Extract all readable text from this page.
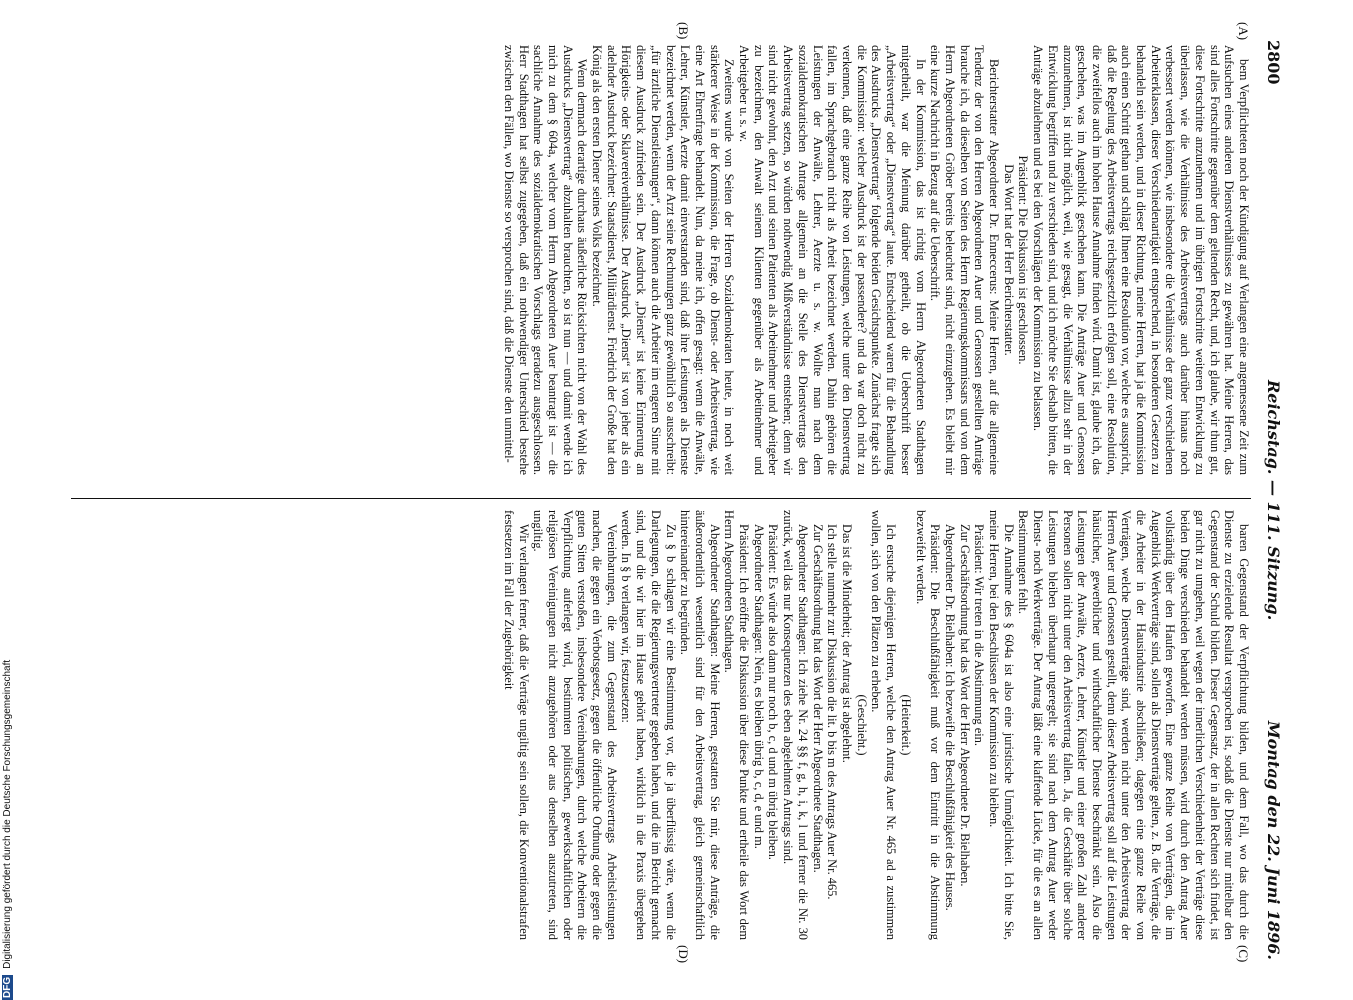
2800
Reichstag. — 111. Sitzung.
Montag den 22. Juni 1896.
(A)
(B)
(C)
(D)

bem Verpflichteten noch der Kündigung auf Verlangen eine angemessene Zeit zum Aufsuchen eines anderen Dienstverhältnisses zu gewähren hat. Meine Herren, das sind alles Fortschritte gegenüber dem geltenden Recht, und, ich glaube, wir thun gut, diese Fortschritte anzunehmen und im übrigen Fortschritte weiteren Entwicklung zu überlassen, wie die Verhältnisse des Arbeitsvertrags auch darüber hinaus noch verbessert werden können, wie insbesondere die Verhältnisse der ganz verschiedenen Arbeiterklassen, dieser Verschiedenartigkeit entsprechend, in besonderen Gesetzen zu behandeln sein werden, und in dieser Richtung, meine Herren, hat ja die Kommission auch einen Schritt gethan und schlägt Ihnen eine Resolution vor, welche es ausspricht, daß die Regelung des Arbeitsvertrags reichsgesetzlich erfolgen soll, eine Resolution, die zweifellos auch im hohen Hause Annahme finden wird. Damit ist, glaube ich, das geschehen, was im Augenblick geschehen kann. Die Anträge Auer und Genossen anzunehmen, ist nicht möglich, weil, wie gesagt, die Verhältnisse allzu sehr in der Entwicklung begriffen und zu verschieden sind, und ich möchte Sie deshalb bitten, die Anträge abzulehnen und es bei den Vorschlägen der Kommission zu belassen.

Präsident: Die Diskussion ist geschlossen.

Das Wort hat der Herr Berichterstatter.

Berichterstatter Abgeordneter Dr. Enneccerus: Meine Herren, auf die allgemeine Tendenz der von den Herren Abgeordneten Auer und Genossen gestellten Anträge brauche ich, da dieselben von Seiten des Herrn Regierungskommissars und von dem Herrn Abgeordneten Gröber bereits beleuchtet sind, nicht einzugehen. Es bleibt mir eine kurze Nachricht in Bezug auf die Ueberschrift.

In der Kommission, das ist richtig vom Herrn Abgeordneten Stadthagen mitgetheilt, war die Meinung darüber getheilt, ob die Ueberschrift besser „Arbeitsvertrag“ oder „Dienstvertrag“ laute. Entscheidend waren für die Behandlung des Ausdrucks „Dienstvertrag“ folgende beiden Gesichtspunkte. Zunächst fragte sich die Kommission: welcher Ausdruck ist der passendere? und da war doch nicht zu verkennen, daß eine ganze Reihe von Leistungen, welche unter den Dienstvertrag fallen, im Sprachgebrauch nicht als Arbeit bezeichnet werden. Dahin gehören die Leistungen der Anwälte, Lehrer, Aerzte u. s. w. Wollte man nach dem sozialdemokratischen Antrage allgemein an die Stelle des Dienstvertrags den Arbeitsvertrag setzen, so würden nothwendig Mißverständnisse entstehen; denn wir sind nicht gewohnt, den Arzt und seinen Patienten als Arbeitnehmer und Arbeitgeber zu bezeichnen, den Anwalt seinem Klienten gegenüber als Arbeitnehmer und Arbeitgeber u. s. w.

Zweitens wurde von Seiten der Herren Sozialdemokraten heute, in noch weit stärkerer Weise in der Kommission, die Frage, ob Dienst- oder Arbeitsvertrag, wie eine Art Ehrenfrage behandelt. Nun, da meine ich, offen gesagt: wenn die Anwälte, Lehrer, Künstler, Aerzte damit einverstanden sind, daß ihre Leistungen als Dienste bezeichnet werden, wenn der Arzt seine Rechnungen ganz gewöhnlich so ausschreibt: „für ärztliche Dienstleistungen“, dann können auch die Arbeiter im engeren Sinne mit diesem Ausdruck zufrieden sein. Der Ausdruck „Dienst“ ist keine Erinnerung an Hörigkeits- oder Sklavereiverhältnisse. Der Ausdruck „Dienst“ ist von jeher als ein adelnder Ausdruck bezeichnet: Staatsdienst, Militärdienst. Friedrich der Große hat den König als den ersten Diener seines Volks bezeichnet.

Wenn demnach derartige durchaus äußerliche Rücksichten nicht von der Wahl des Ausdrucks „Dienstvertrag“ abzuhalten brauchten, so ist nun — und damit wende ich mich zu dem § 604a, welcher vom Herrn Abgeordneten Auer beantragt ist — die sachliche Annahme des sozialdemokratischen Vorschlags geradezu ausgeschlossen. Herr Stadthagen hat selbst zugegeben, daß ein nothwendiger Unterschied bestehe zwischen den Fällen, wo Dienste so versprochen sind, daß die Dienste den unmittel-

baren Gegenstand der Verpflichtung bilden, und dem Fall, wo das durch die Dienste zu erzielende Resultat versprochen ist, sodaß die Dienste nur mittelbar den Gegenstand der Schuld bilden. Dieser Gegensatz, der in allen Rechten sich findet, ist gar nicht zu umgehen, weil wegen der innerlichen Verschiedenheit der Verträge diese beiden Dinge verschieden behandelt werden müssen, wird durch den Antrag Auer vollständig über den Haufen geworfen. Eine ganze Reihe von Verträgen, die im Augenblick Werkverträge sind, sollen als Dienstverträge gelten, z. B. die Verträge, die die Arbeiter in der Hausindustrie abschließen; dagegen eine ganze Reihe von Verträgen, welche Dienstverträge sind, werden nicht unter den Arbeitsvertrag der Herren Auer und Genossen gestellt, denn dieser Arbeitsvertrag soll auf die Leistungen häuslicher, gewerblicher und wirthschaftlicher Dienste beschränkt sein. Also die Leistungen der Anwälte, Aerzte, Lehrer, Künstler und einer großen Zahl anderer Personen sollen nicht unter den Arbeitsvertrag fallen. Ja, die Geschäfte über solche Leistungen bleiben überhaupt ungeregelt; sie sind nach dem Antrag Auer weder Dienst- noch Werkverträge. Der Antrag läßt eine klaffende Lücke, für die es an allen Bestimmungen fehlt.

Die Annahme des § 604a ist also eine juristische Unmöglichkeit. Ich bitte Sie, meine Herren, bei den Beschlüssen der Kommission zu bleiben.

Präsident: Wir treten in die Abstimmung ein.

Zur Geschäftsordnung hat das Wort der Herr Abgeordnete Dr. Bielhaben.

Abgeordneter Dr. Bielhaben: Ich bezweifle die Beschlußfähigkeit des Hauses.

Präsident: Die Beschlußfähigkeit muß vor dem Eintritt in die Abstimmung bezweifelt werden.

(Heiterkeit.)

Ich ersuche diejenigen Herren, welche den Antrag Auer Nr. 465 ad a zustimmen wollen, sich von den Plätzen zu erheben.

(Geschieht.)

Das ist die Minderheit; der Antrag ist abgelehnt.

Ich stelle nunmehr zur Diskussion die lit. b bis m des Antrags Auer Nr. 465.

Zur Geschäftsordnung hat das Wort der Herr Abgeordnete Stadthagen.

Abgeordneter Stadthagen: Ich ziehe Nr. 24 §§ f, g, h, i, k, l und ferner die Nr. 30 zurück, weil das nur Konsequenzen des eben abgelehnten Antrags sind.

Präsident: Es würde also dann nur noch b, c, d und m übrig bleiben.

Abgeordneter Stadthagen: Nein, es bleiben übrig b, c, d, e und m.

Präsident: Ich eröffne die Diskussion über diese Punkte und ertheile das Wort dem Herrn Abgeordneten Stadthagen.

Abgeordneter Stadthagen: Meine Herren, gestatten Sie mir, diese Anträge, die äußerordentlich wesentlich sind für den Arbeitsvertrag, gleich gemeinschaftlich hintereinander zu begründen.

Zu § b schlagen wir eine Bestimmung vor, die ja überflüssig wäre, wenn die Darlegungen, die die Regierungsvertreter gegeben haben, und die im Bericht gemacht sind, und die wir hier im Hause gehört haben, wirklich in die Praxis übergehen werden. In § b verlangen wir, festzusetzen:

Vereinbarungen, die zum Gegenstand des Arbeitsvertrags Arbeitsleistungen machen, die gegen ein Verbotsgesetz, gegen die öffentliche Ordnung oder gegen die guten Sitten verstoßen, insbesondere Vereinbarungen, durch welche Arbeitern die Verpflichtung auferlegt wird, bestimmten politischen, gewerkschaftlichen oder religiösen Vereinigungen nicht anzugehören oder aus denselben auszutreten, sind ungiltig.

Wir verlangen ferner, daß die Verträge ungiltig sein sollen, die Konventionalstrafen festsetzen im Fall der Zugehörigkeit

DFGDigitalisierung gefördert durch die Deutsche Forschungsgemeinschaft
